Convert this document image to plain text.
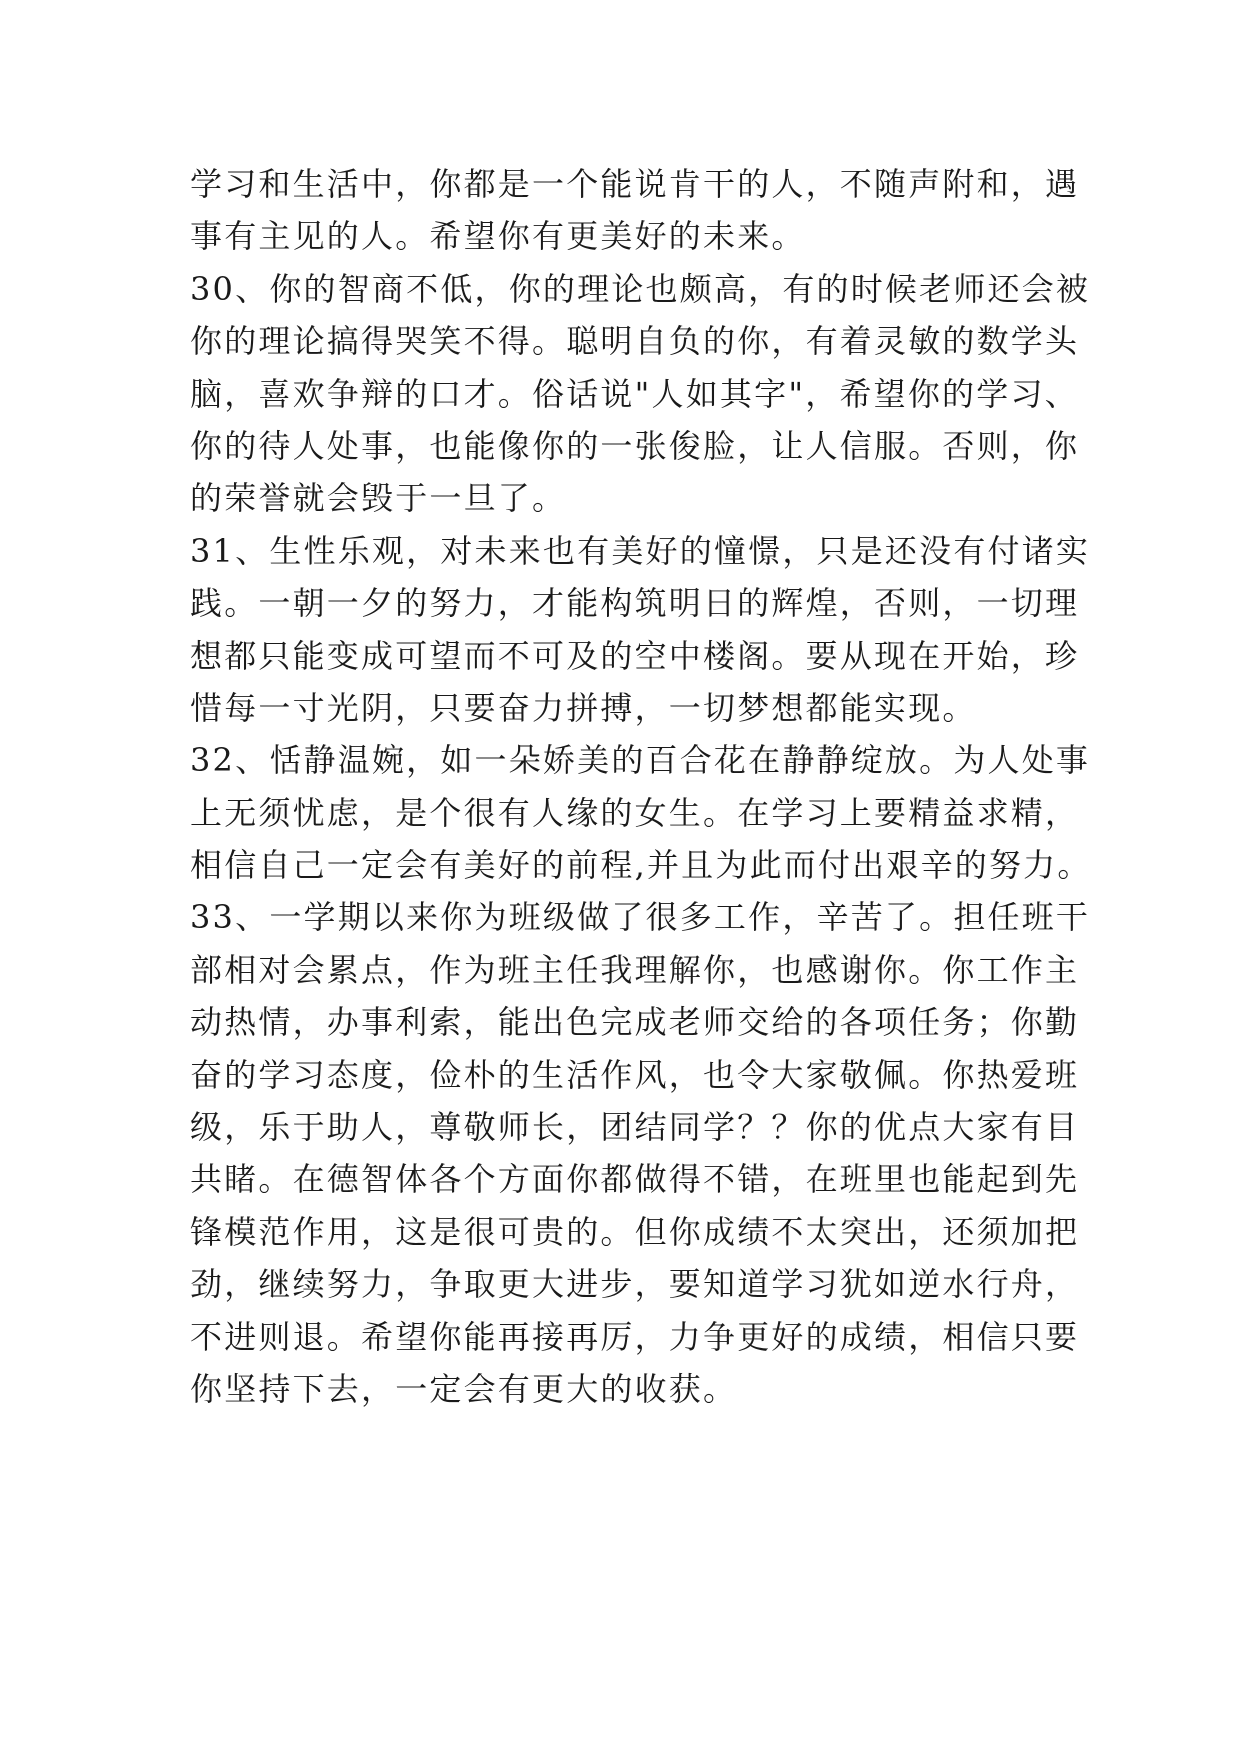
学习和生活中，你都是一个能说肯干的人，不随声附和，遇
事有主见的人。希望你有更美好的未来。
30、你的智商不低，你的理论也颇高，有的时候老师还会被
你的理论搞得哭笑不得。聪明自负的你，有着灵敏的数学头
脑，喜欢争辩的口才。俗话说"人如其字"，希望你的学习、
你的待人处事，也能像你的一张俊脸，让人信服。否则，你
的荣誉就会毁于一旦了。
31、生性乐观，对未来也有美好的憧憬，只是还没有付诸实
践。一朝一夕的努力，才能构筑明日的辉煌，否则，一切理
想都只能变成可望而不可及的空中楼阁。要从现在开始，珍
惜每一寸光阴，只要奋力拼搏，一切梦想都能实现。
32、恬静温婉，如一朵娇美的百合花在静静绽放。为人处事
上无须忧虑，是个很有人缘的女生。在学习上要精益求精，
相信自己一定会有美好的前程,并且为此而付出艰辛的努力。
33、一学期以来你为班级做了很多工作，辛苦了。担任班干
部相对会累点，作为班主任我理解你，也感谢你。你工作主
动热情，办事利索，能出色完成老师交给的各项任务；你勤
奋的学习态度，俭朴的生活作风，也令大家敬佩。你热爱班
级，乐于助人，尊敬师长，团结同学？？你的优点大家有目
共睹。在德智体各个方面你都做得不错，在班里也能起到先
锋模范作用，这是很可贵的。但你成绩不太突出，还须加把
劲，继续努力，争取更大进步，要知道学习犹如逆水行舟，
不进则退。希望你能再接再厉，力争更好的成绩，相信只要
你坚持下去，一定会有更大的收获。
